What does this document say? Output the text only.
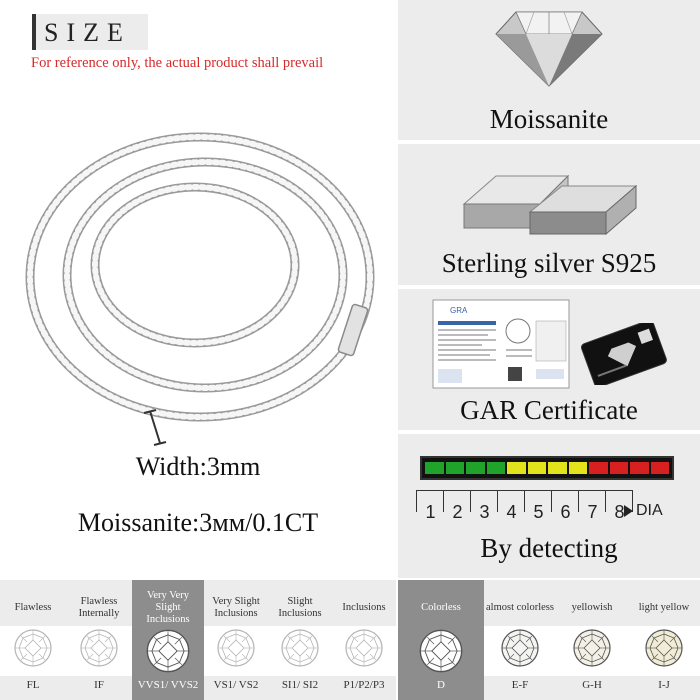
SIZE
For reference only, the actual product shall prevail
Width:3mm
Moissanite:3ᴍᴍ/0.1CT
Moissanite
Sterling silver S925
GRA
GAR Certificate
1 2 3 4 5 6 7 8 DIA
By detecting
Flawless
FL
Flawless Internally
IF
Very Very Slight Inclusions
VVS1/ VVS2
Very Slight Inclusions
VS1/ VS2
Slight Inclusions
SI1/ SI2
Inclusions
P1/P2/P3
Colorless
D
almost colorless
E-F
yellowish
G-H
light yellow
I-J
